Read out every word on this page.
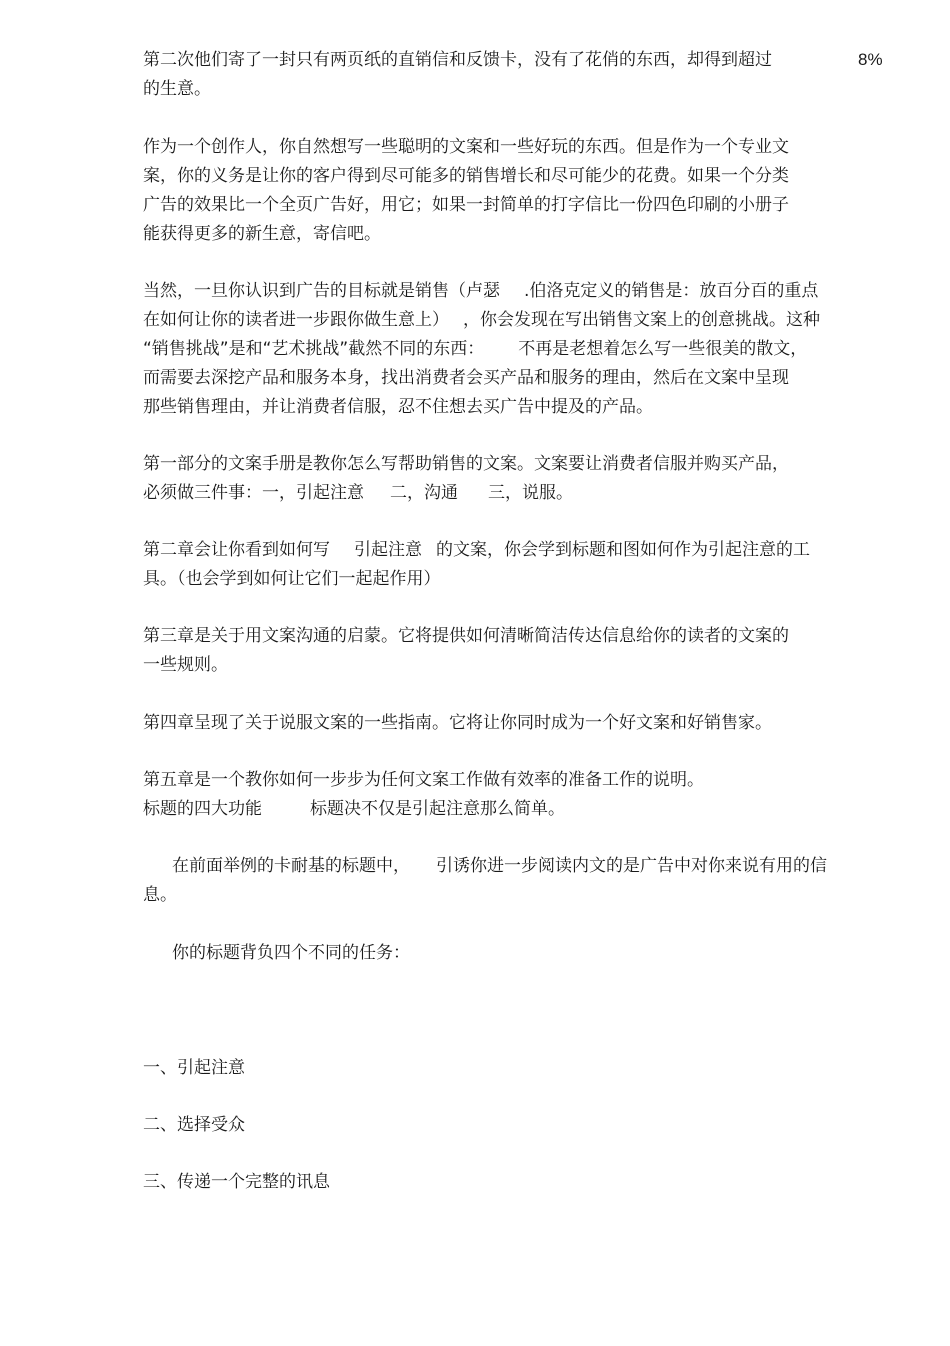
第二次他们寄了一封只有两页纸的直销信和反馈卡，没有了花俏的东西，却得到超过	8%
的生意。
作为一个创作人，你自然想写一些聪明的文案和一些好玩的东西。但是作为一个专业文
案，你的义务是让你的客户得到尽可能多的销售增长和尽可能少的花费。如果一个分类
广告的效果比一个全页广告好，用它；如果一封简单的打字信比一份四色印刷的小册子
能获得更多的新生意，寄信吧。
当然，一旦你认识到广告的目标就是销售（卢瑟 .伯洛克定义的销售是：放百分百的重点
在如何让你的读者进一步跟你做生意上） ，你会发现在写出销售文案上的创意挑战。这种
“销售挑战”是和“艺术挑战”截然不同的东西： 不再是老想着怎么写一些很美的散文，
而需要去深挖产品和服务本身，找出消费者会买产品和服务的理由，然后在文案中呈现
那些销售理由，并让消费者信服，忍不住想去买广告中提及的产品。
第一部分的文案手册是教你怎么写帮助销售的文案。文案要让消费者信服并购买产品，
必须做三件事：一，引起注意 二，沟通 三，说服。
第二章会让你看到如何写 引起注意 的文案，你会学到标题和图如何作为引起注意的工
具。（也会学到如何让它们一起起作用）
第三章是关于用文案沟通的启蒙。它将提供如何清晰简洁传达信息给你的读者的文案的
一些规则。
第四章呈现了关于说服文案的一些指南。它将让你同时成为一个好文案和好销售家。
第五章是一个教你如何一步步为任何文案工作做有效率的准备工作的说明。
标题的四大功能	标题决不仅是引起注意那么简单。
在前面举例的卡耐基的标题中， 引诱你进一步阅读内文的是广告中对你来说有用的信
息。
你的标题背负四个不同的任务：
一、引起注意
二、选择受众
三、传递一个完整的讯息
